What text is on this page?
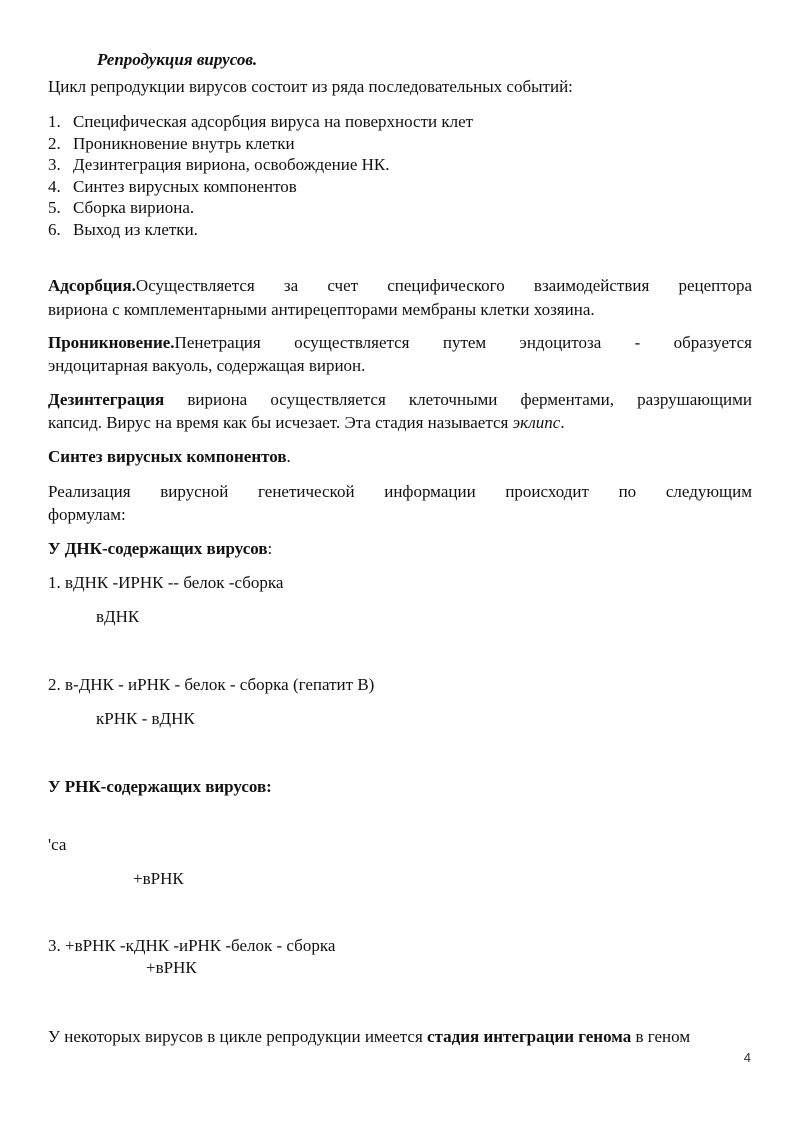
Репродукция вирусов.
Цикл репродукции вирусов состоит из ряда последовательных событий:
1. Специфическая адсорбция вируса на поверхности клет
2. Проникновение внутрь клетки
3. Дезинтеграция вириона, освобождение НК.
4. Синтез вирусных компонентов
5. Сборка вириона.
6. Выход из клетки.
Адсорбция.Осуществляется за счет специфического взаимодействия рецептора
вириона с комплементарными антирецепторами мембраны клетки хозяина.
Проникновение.Пенетрация осуществляется путем эндоцитоза - образуется
эндоцитарная вакуоль, содержащая вирион.
Дезинтеграция вириона осуществляется клеточными ферментами, разрушающими
капсид. Вирус на время как бы исчезает. Эта стадия называется эклипс.
Синтез вирусных компонентов.
Реализация вирусной генетической информации происходит по следующим
формулам:
У ДНК-содержащих вирусов:
1. вДНК -ИРНК -- белок -сборка
вДНК
2. в-ДНК - иРНК - белок - сборка (гепатит В)
кРНК - вДНК
У РНК-содержащих вирусов:
'са
+вРНК
3. +вРНК -кДНК -иРНК -белок - сборка
+вРНК
У некоторых вирусов в цикле репродукции имеется стадия интеграции генома в геном
4
